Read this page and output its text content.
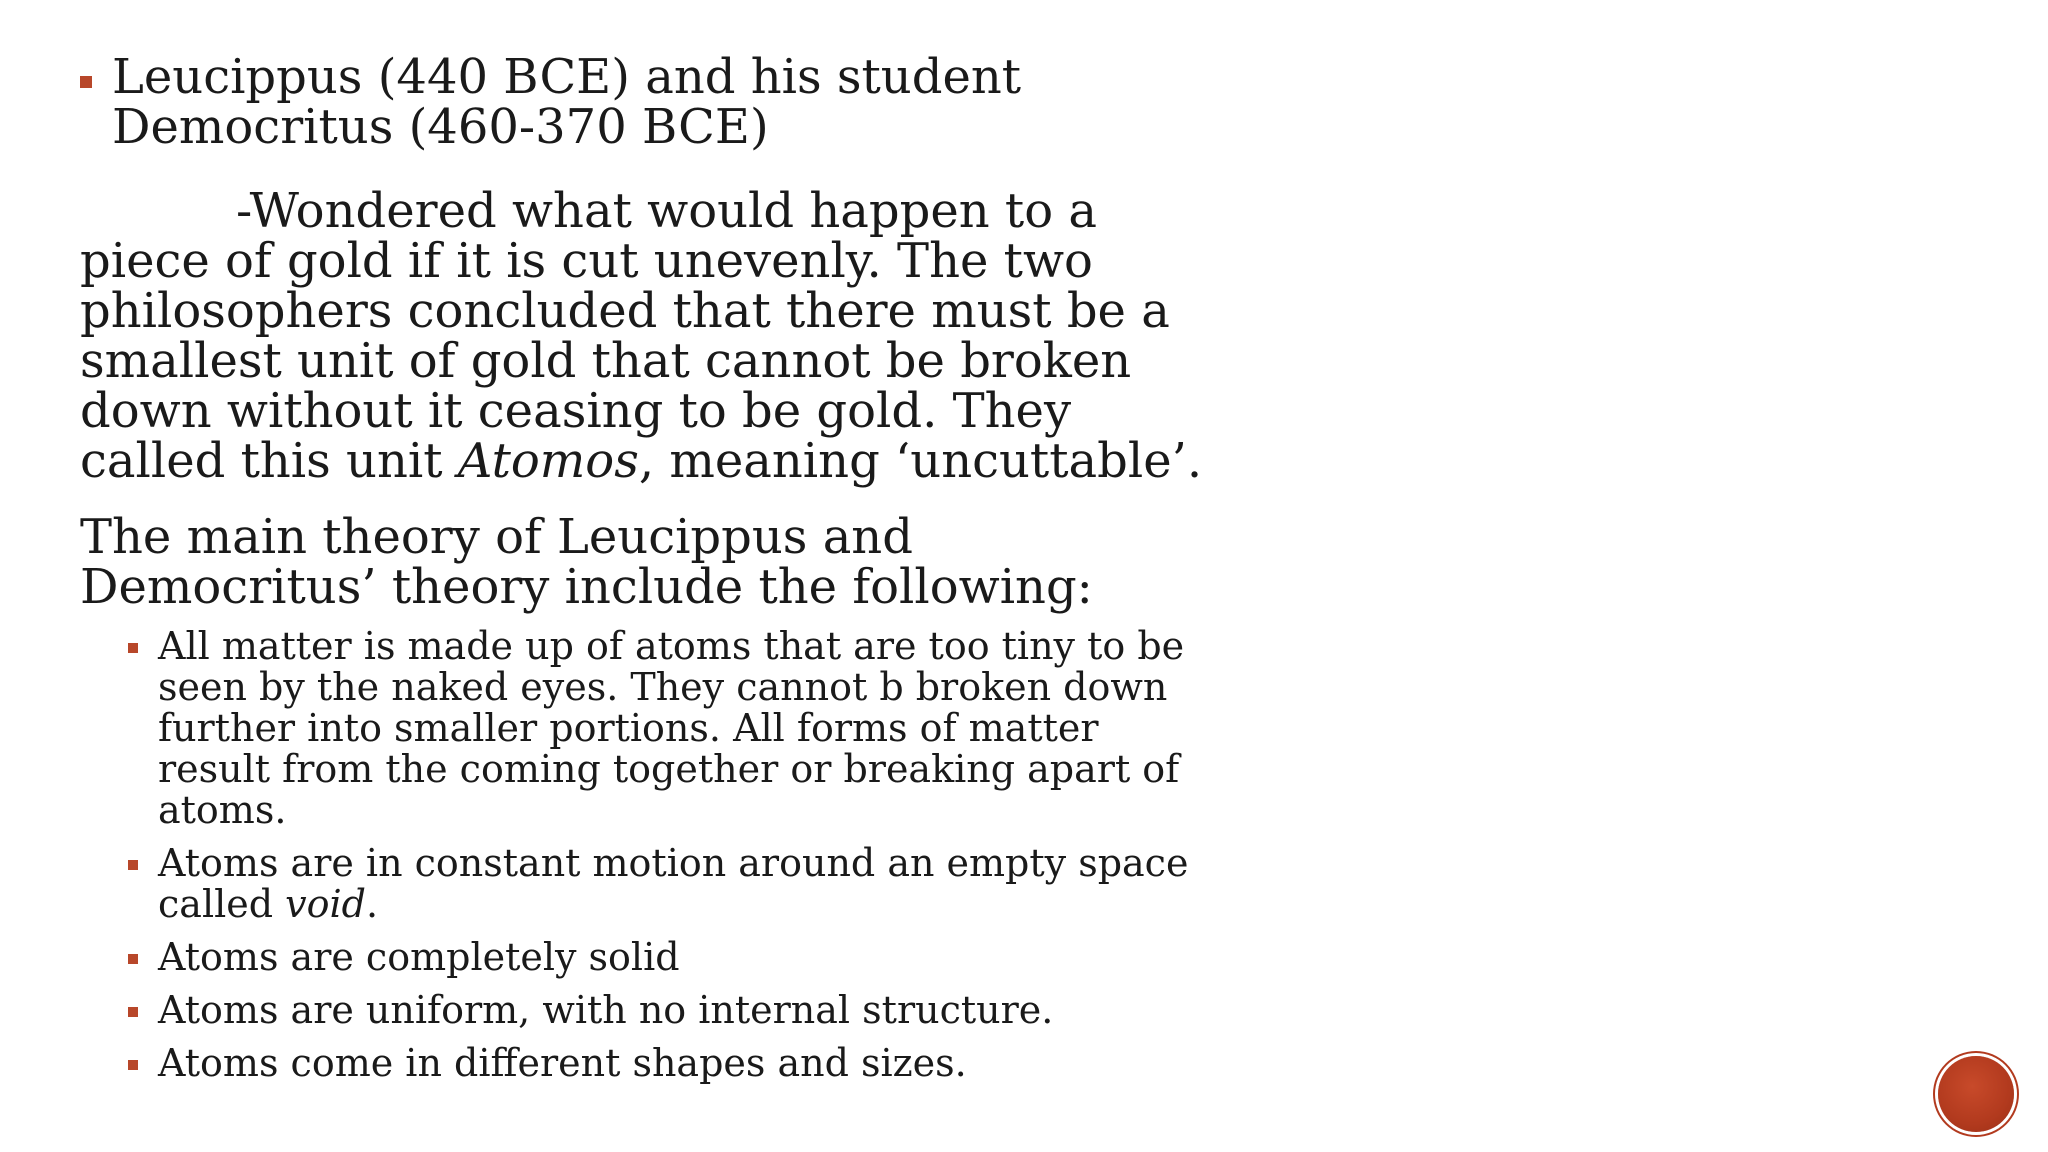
Leucippus (440 BCE) and his student Democritus (460-370 BCE)
-Wondered what would happen to a piece of gold if it is cut unevenly. The two philosophers concluded that there must be a smallest unit of gold that cannot be broken down without it ceasing to be gold. They called this unit Atomos, meaning ‘uncuttable’.
The main theory of Leucippus and Democritus’ theory include the following:
All matter is made up of atoms that are too tiny to be seen by the naked eyes. They cannot b broken down further into smaller portions. All forms of matter result from the coming together or breaking apart of atoms.
Atoms are in constant motion around an empty space called void.
Atoms are completely solid
Atoms are uniform, with no internal structure.
Atoms come in different shapes and sizes.
